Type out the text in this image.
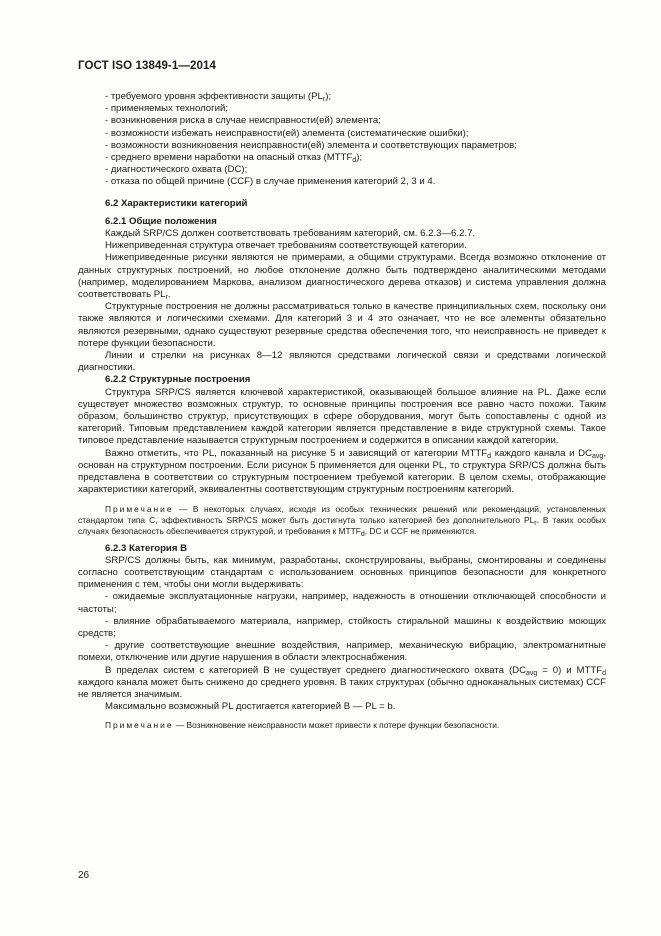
ГОСТ ISO 13849-1—2014

- требуемого уровня эффективности защиты $(PL_r)$;

- применяемых технологий;

- возникновения риска в случае неисправности(ей) элемента;

- возможности избежать неисправности(ей) элемента (систематические ошибки);

- возможности возникновения неисправности(ей) элемента и соответствующих параметров;

- среднего времени наработки на опасный отказ $(MTTF_d)$;

- диагностического охвата (DC);

- отказа по общей причине (CCF) в случае применения категорий 2, 3 и 4.

6.2 Характеристики категорий

6.2.1 Общие положения

Каждый SRP/CS должен соответствовать требованиям категорий, см. 6.2.3—6.2.7.

Нижеприведенная структура отвечает требованиям соответствующей категории.

Нижеприведенные рисунки являются не примерами, а общими структурами. Всегда возможно отклонение от данных структурных построений, но любое отклонение должно быть подтверждено аналитическими методами (например, моделированием Маркова, анализом диагностического дерева отказов) и система управления должна соответствовать $PL_r$.

Структурные построения не должны рассматриваться только в качестве принципиальных схем, поскольку они также являются и логическими схемами. Для категорий 3 и 4 это означает, что не все элементы обязательно являются резервными, однако существуют резервные средства обеспечения того, что неисправность не приведет к потере функции безопасности.

Линии и стрелки на рисунках 8—12 являются средствами логической связи и средствами логической диагностики.

6.2.2 Структурные построения

Структура SRP/CS является ключевой характеристикой, оказывающей большое влияние на PL. Даже если существует множество возможных структур, то основные принципы построения все равно часто похожи. Таким образом, большинство структур, присутствующих в сфере оборудования, могут быть сопоставлены с одной из категорий. Типовым представлением каждой категории является представление в виде структурной схемы. Такое типовое представление называется структурным построением и содержится в описании каждой категории.

Важно отметить, что PL, показанный на рисунке 5 и зависящий от категории $MTTF_d$ каждого канала и $DC_{avg}$, основан на структурном построении. Если рисунок 5 применяется для оценки PL, то структура SRP/CS должна быть представлена в соответствии со структурным построением требуемой категории. В целом схемы, отображающие характеристики категорий, эквивалентны соответствующим структурным построениям категорий.

Примечание — В некоторых случаях, исходя из особых технических решений или рекомендаций, установленных стандартом типа С, эффективность SRP/CS может быть достигнута только категорией без дополнительного $PL_r$. В таких особых случаях безопасность обеспечивается структурой, и требования к $MTTF_d$, DC и CCF не применяются.

6.2.3 Категория В

SRP/CS должны быть, как минимум, разработаны, сконструированы, выбраны, смонтированы и соединены согласно соответствующим стандартам с использованием основных принципов безопасности для конкретного применения с тем, чтобы они могли выдерживать:

- ожидаемые эксплуатационные нагрузки, например, надежность в отношении отключающей способности и частоты;

- влияние обрабатываемого материала, например, стойкость стиральной машины к воздействию моющих средств;

- другие соответствующие внешние воздействия, например, механическую вибрацию, электромагнитные помехи, отключение или другие нарушения в области электроснабжения.

В пределах систем с категорией В не существует среднего диагностического охвата $(DC_{avg} = 0)$ и $MTTF_d$ каждого канала может быть снижено до среднего уровня. В таких структурах (обычно одноканальных системах) CCF не является значимым.

Максимально возможный PL достигается категорией В — PL = b.

Примечание — Возникновение неисправности может привести к потере функции безопасности.

26
